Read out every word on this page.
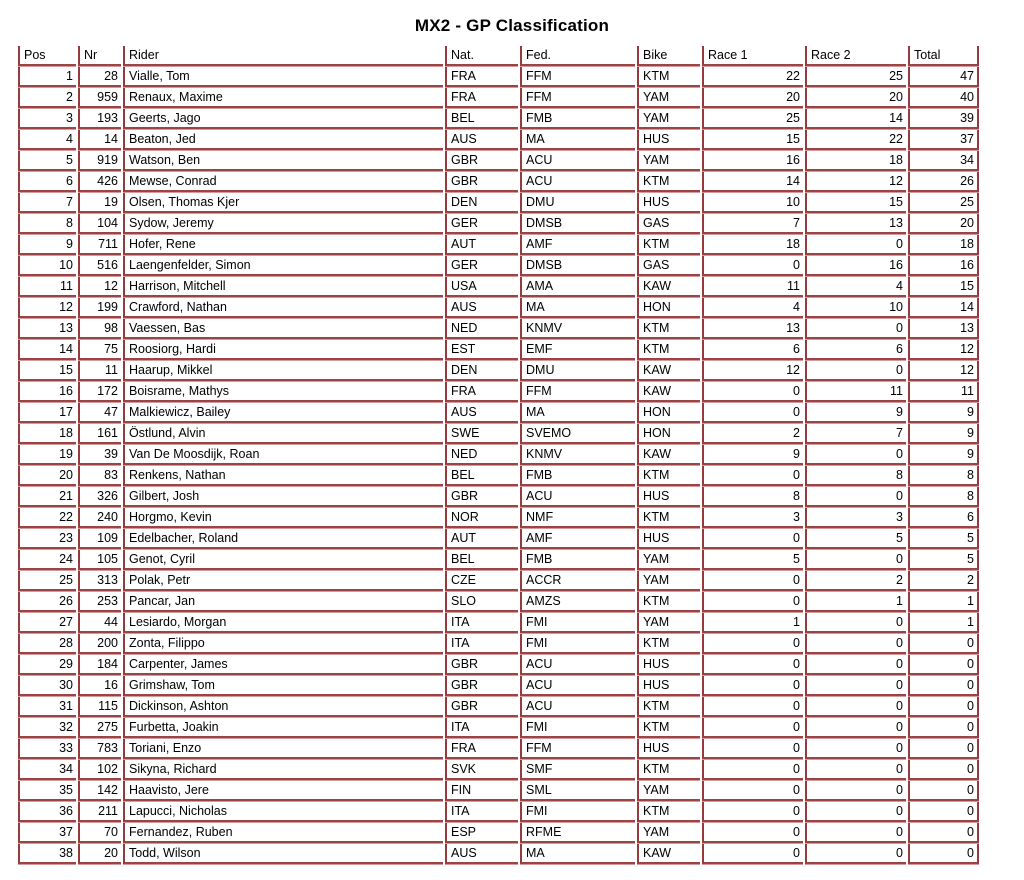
MX2 - GP Classification
Pos	Nr	Rider	Nat.	Fed.	Bike	Race 1	Race 2	Total
1	28	Vialle, Tom	FRA	FFM	KTM	22	25	47
2	959	Renaux, Maxime	FRA	FFM	YAM	20	20	40
3	193	Geerts, Jago	BEL	FMB	YAM	25	14	39
4	14	Beaton, Jed	AUS	MA	HUS	15	22	37
5	919	Watson, Ben	GBR	ACU	YAM	16	18	34
6	426	Mewse, Conrad	GBR	ACU	KTM	14	12	26
7	19	Olsen, Thomas Kjer	DEN	DMU	HUS	10	15	25
8	104	Sydow, Jeremy	GER	DMSB	GAS	7	13	20
9	711	Hofer, Rene	AUT	AMF	KTM	18	0	18
10	516	Laengenfelder, Simon	GER	DMSB	GAS	0	16	16
11	12	Harrison, Mitchell	USA	AMA	KAW	11	4	15
12	199	Crawford, Nathan	AUS	MA	HON	4	10	14
13	98	Vaessen, Bas	NED	KNMV	KTM	13	0	13
14	75	Roosiorg, Hardi	EST	EMF	KTM	6	6	12
15	11	Haarup, Mikkel	DEN	DMU	KAW	12	0	12
16	172	Boisrame, Mathys	FRA	FFM	KAW	0	11	11
17	47	Malkiewicz, Bailey	AUS	MA	HON	0	9	9
18	161	Östlund, Alvin	SWE	SVEMO	HON	2	7	9
19	39	Van De Moosdijk, Roan	NED	KNMV	KAW	9	0	9
20	83	Renkens, Nathan	BEL	FMB	KTM	0	8	8
21	326	Gilbert, Josh	GBR	ACU	HUS	8	0	8
22	240	Horgmo, Kevin	NOR	NMF	KTM	3	3	6
23	109	Edelbacher, Roland	AUT	AMF	HUS	0	5	5
24	105	Genot, Cyril	BEL	FMB	YAM	5	0	5
25	313	Polak, Petr	CZE	ACCR	YAM	0	2	2
26	253	Pancar, Jan	SLO	AMZS	KTM	0	1	1
27	44	Lesiardo, Morgan	ITA	FMI	YAM	1	0	1
28	200	Zonta, Filippo	ITA	FMI	KTM	0	0	0
29	184	Carpenter, James	GBR	ACU	HUS	0	0	0
30	16	Grimshaw, Tom	GBR	ACU	HUS	0	0	0
31	115	Dickinson, Ashton	GBR	ACU	KTM	0	0	0
32	275	Furbetta, Joakin	ITA	FMI	KTM	0	0	0
33	783	Toriani, Enzo	FRA	FFM	HUS	0	0	0
34	102	Sikyna, Richard	SVK	SMF	KTM	0	0	0
35	142	Haavisto, Jere	FIN	SML	YAM	0	0	0
36	211	Lapucci, Nicholas	ITA	FMI	KTM	0	0	0
37	70	Fernandez, Ruben	ESP	RFME	YAM	0	0	0
38	20	Todd, Wilson	AUS	MA	KAW	0	0	0
